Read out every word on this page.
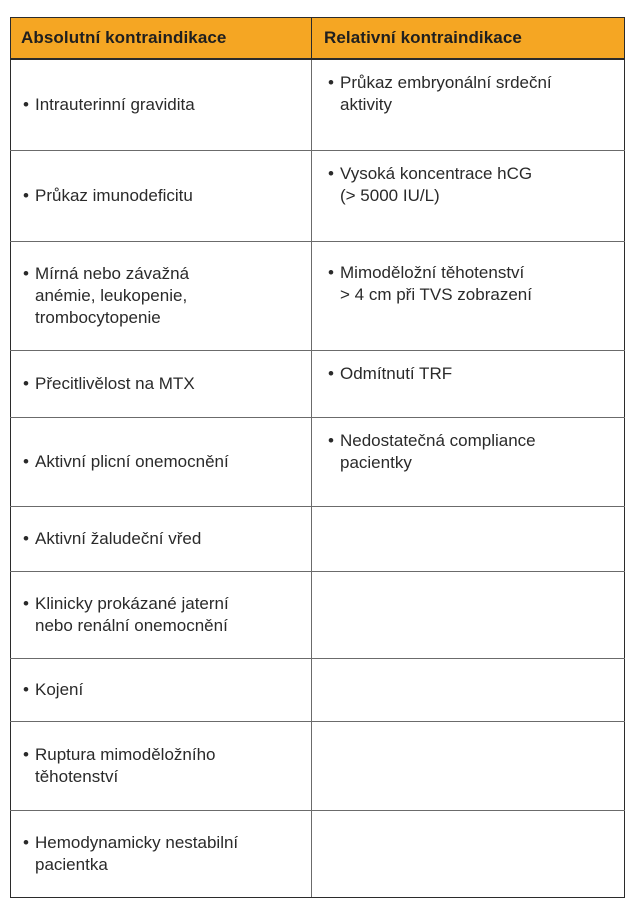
Absolutní kontraindikace	Relativní kontraindikace

• Intrauterinní gravidita	• Průkaz embryonální srdeční
aktivity

• Průkaz imunodeficitu	• Vysoká koncentrace hCG
(> 5000 IU/L)

• Mírná nebo závažná
anémie, leukopenie,
trombocytopenie	• Mimoděložní těhotenství
> 4 cm při TVS zobrazení

• Přecitlivělost na MTX	• Odmítnutí TRF

• Aktivní plicní onemocnění	• Nedostatečná compliance
pacientky

• Aktivní žaludeční vřed	

• Klinicky prokázané jaterní
nebo renální onemocnění	

• Kojení	

• Ruptura mimoděložního
těhotenství	

• Hemodynamicky nestabilní
pacientka	
